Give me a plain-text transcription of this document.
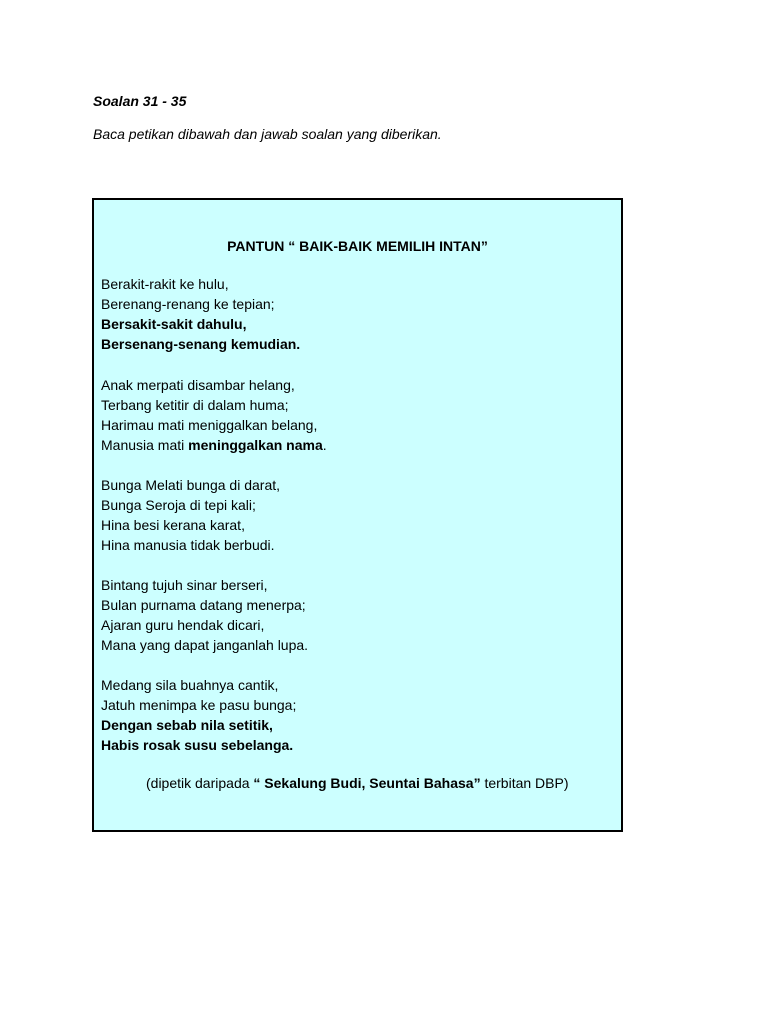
Soalan 31 - 35

Baca petikan dibawah dan jawab soalan yang diberikan.

PANTUN “ BAIK-BAIK MEMILIH INTAN”

Berakit-rakit ke hulu,
Berenang-renang ke tepian;
Bersakit-sakit dahulu,
Bersenang-senang kemudian.

Anak merpati disambar helang,
Terbang ketitir di dalam huma;
Harimau mati meniggalkan belang,
Manusia mati meninggalkan nama.

Bunga Melati bunga di darat,
Bunga Seroja di tepi kali;
Hina besi kerana karat,
Hina manusia tidak berbudi.

Bintang tujuh sinar berseri,
Bulan purnama datang menerpa;
Ajaran guru hendak dicari,
Mana yang dapat janganlah lupa.

Medang sila buahnya cantik,
Jatuh menimpa ke pasu bunga;
Dengan sebab nila setitik,
Habis rosak susu sebelanga.

(dipetik daripada “ Sekalung Budi, Seuntai Bahasa” terbitan DBP)
